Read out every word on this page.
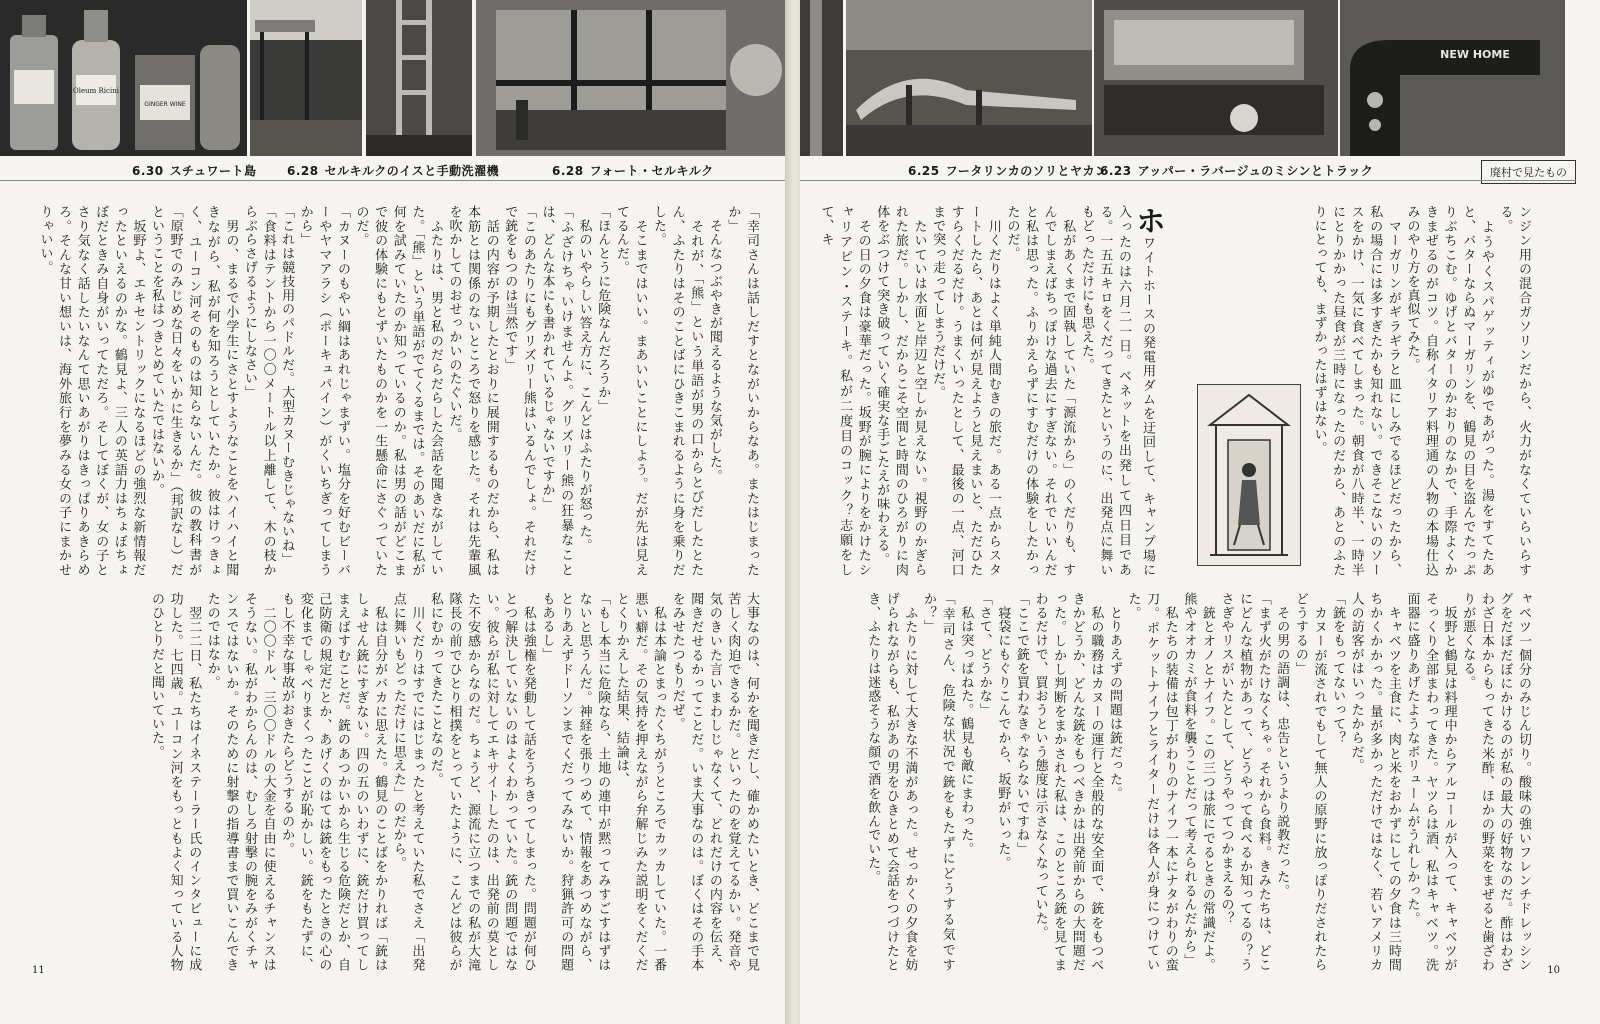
Oleum Ricini
GINGER WINE
6.30 スチュワート島	6.28 セルキルクのイスと手動洗濯機	6.28 フォート・セルキルク

「幸司さんは話しだすとながいからなあ。またはじまったか」

　そんなつぶやきが聞えるような気がした。

　それが、「熊」という単語が男の口からとびだしたとたん、ふたりはそのことばにひきこまれるように身を乗りだした。

　そこまではいい。まあいいことにしよう。だが先は見えてるんだ。

「ほんとうに危険なんだろうか」

　私のいやらしい答え方に、こんどはふたりが怒った。

「ふざけちゃいけませんよ。グリズリー熊の狂暴なことは、どんな本にも書かれているじゃないですか」

「このあたりにもグリズリー熊はいるんでしょ。それだけで銃をもつのは当然です」

　話の内容が予期したとおりに展開するものだから、私は本筋とは関係のないところで怒りを感じた。それは先輩風を吹かしてのおせっかいのたぐいだ。

　ふたりは、男と私のだらだらした会話を聞きながしていた。「熊」という単語がでてくるまでは。そのあいだに私が何を試みていたのか知っているのか。私は男の話がどこまで彼の体験にもとずいたものかを一生懸命にさぐっていたのだ。

「カヌーのもやい綱はあれじゃまずい。塩分を好むビーバーやヤマアラシ（ポーキュパイン）がくいちぎってしまうから」

「これは競技用のパドルだ。大型カヌーむきじゃないね」

「食料はテントから一〇〇メートル以上離して、木の枝からぶらさげるようにしなさい」

　男の、まるで小学生にさとすようなことをハイハイと聞きながら、私が何を知ろうとしていたか。彼はけっきょく、ユーコン河そのものは知らないんだ。彼の教科書が「原野でのみじめな日々をいかに生きるか」（邦訳なし）だということを私はつきとめていたではないか。

　坂野よ、エキセントリックになるほどの強烈な新情報だったといえるのかな。鶴見よ、三人の英語力はちょぼちょぼだときみ自身がいってただろ。そしてぼくが、女の子とさり気なく話したいなんて思いあがりはきっぱりあきらめろ。そんな甘い想いは、海外旅行を夢みる女の子にまかせりゃいい。

大事なのは、何かを聞きだし、確かめたいとき、どこまで見苦しく肉迫できるかだ。といったのを覚えてるかい。発音や気のきいた言いまわしじゃなくて、どれだけの内容を伝え、聞きだせるかってことだ。いま大事なのは。ぼくはその手本をみせたつもりだぜ。

　私は本論とまったくちがうところでカッカしていた。一番悪い癖だ。その気持を押えながら弁解じみた説明をくだくだとくりかえした結果、結論は、

「もし本当に危険なら、土地の連中が黙ってみすごすはずはないと思うんだ。神経を張りつめて、情報をあつめながら、とりあえずドーソンまでくだってみないか。狩猟許可の問題もあるし」

　私は強権を発動して話をうちきってしまった。問題が何ひとつ解決していないのはよくわかっていた。銃の問題ではない。彼らが私に対してエキサイトしたのは、出発前の莫とした不安感からなのだ。ちょうど、源流に立つまでの私が大滝隊長の前でひとり相撲をとっていたように、こんどは彼らが私にむかってきたことなのだ。

　川くだりはすでにはじまったと考えていた私でさえ「出発点に舞いもどっただけに思えた」のだから。

　私は自分がバカに思えた。鶴見のことばをかりれば「銃はしょせん銃にすぎない。四の五のいわずに、銃だけ買ってしまえばすむことだ。銃のあつかいから生じる危険だとか、自己防衛の規定だとか、あげくのはては銃をもったときの心の変化までしゃべりまくったことが恥かしい。銃をもたずに、もし不幸な事故がおきたらどうするのか。

　二〇〇ドル、三〇〇ドルの大金を自由に使えるチャンスはそうない。私がわからんのは、むしろ射撃の腕をみがくチャンスではないか。そのために射撃の指導書まで買いこんできたのではなか。

　翌二二日、私たちはイネステーラー氏のインタビューに成功した。七四歳。ユーコン河をもっともよく知っている人物のひとりだと聞いていた。

11
NEW HOME
6.25 フータリンカのソリとヤカン
6.23 アッパー・ラバージュのミシンとトラック	廃村で見たもの

ンジン用の混合ガソリンだから、火力がなくていらいらする。

　ようやくスパゲッティがゆであがった。湯をすてたあと、バターならぬマーガリンを、鶴見の目を盗んでたっぷりぶちこむ。ゆげとバターのかおりのなかで、手際よくかきまぜるのがコツ。自称イタリア料理通の人物の本場仕込みのやり方を真似てみた。

　マーガリンがギラギラと皿にしみでるほどだったから、私の場合には多すぎたかも知れない。できそこないのソースをかけ、一気に食べてしまった。朝食が八時半、一時半にとりかかった昼食が三時になったのだから、あとのふたりにとっても、まずかったはずはない。

ホワイトホースの発電用ダムを迂回して、キャンプ場に入ったのは六月二一日。ベネットを出発して四日目である。一五五キロをくだってきたというのに、出発点に舞いもどっただけにも思えた。

　私があくまで固執していた「源流から」のくだりも、すんでしまえばちっぽけな過去にすぎない。それでいいんだと私は思った。ふりかえらずにすむだけの体験をしたかったのだ。

　川くだりはよく単純人間むきの旅だ。ある一点からスタートしたら、あとは何が見えようと見えまいと、ただひたすらくだるだけ。うまくいったとして、最後の一点、河口まで突っ走ってしまうだけだ。

　たいていは水面と岸辺と空しか見えない。視野のかぎられた旅だ。しかし、だからこそ空間と時間のひろがりに肉体をぶつけて突き破っていく確実な手ごたえが味わえる。

　その日の夕食は豪華だった。坂野が腕によりをかけたシャリアピン・ステーキ。私が二度目のコック？志願をして、キ

ャベツ一個分のみじん切り。酸味の強いフレンチドレッシングをだぼだぼにかけるのが私の最大の好物なのだ。酢はわざわざ日本からもってきた米酢、ほかの野菜をまぜると歯ざわりが悪くなる。

　坂野と鶴見は料理中からアルコールが入って、キャベツがそっくり全部まわってきた。ヤツらは酒、私はキャベツ。洗面器に盛りあげたようなボリュームがうれしかった。

　キャベツを主食に、肉と米をおかずにしての夕食は三時間ちかくかかった。量が多かっただけではなく、若いアメリカ人の訪客がはいったからだ。

「銃をもってないって？

　カヌーが流されでもして無人の原野に放っぽりだされたらどうするの」

　その男の語調は、忠告というより説教だった。

「まず火がたけなくちゃ。それから食料。きみたちは、どこにどんな植物があって、どうやって食べるか知ってるの？うさぎやリスがいたとして、どうやってつかまえるの？

　銃とオノとナイフ。この三つは旅にでるときの常識だよ。熊やオオカミが食料を襲うことだって考えられるんだから」

　私たちの装備は包丁がわりのナイフ一本にナタがわりの蛮刀。ポケットナイフとライターだけは各人が身につけていた。

　とりあえずの問題は銃だった。

　私の職務はカヌーの運行と全般的な安全面で、銃をもつべきかどうか、どんな銃をもつべきかは出発前からの大問題だった。しかし判断をまかされた私は、このところ銃を見てまわるだけで、買おうという態度は示さなくなっていた。

「ここで銃を買わなきゃならないですね」

　寝袋にもぐりこんでから、坂野がいった。

「さて、どうかな」

　私は突っぱねた。鶴見も敵にまわった。

「幸司さん、危険な状況で銃をもたずにどうする気ですか？」

　ふたりに対して大きな不満があった。せっかくの夕食を妨げられながらも、私があの男をひきとめて会話をつづけたとき、ふたりは迷惑そうな顔で酒を飲んでいた。

10
